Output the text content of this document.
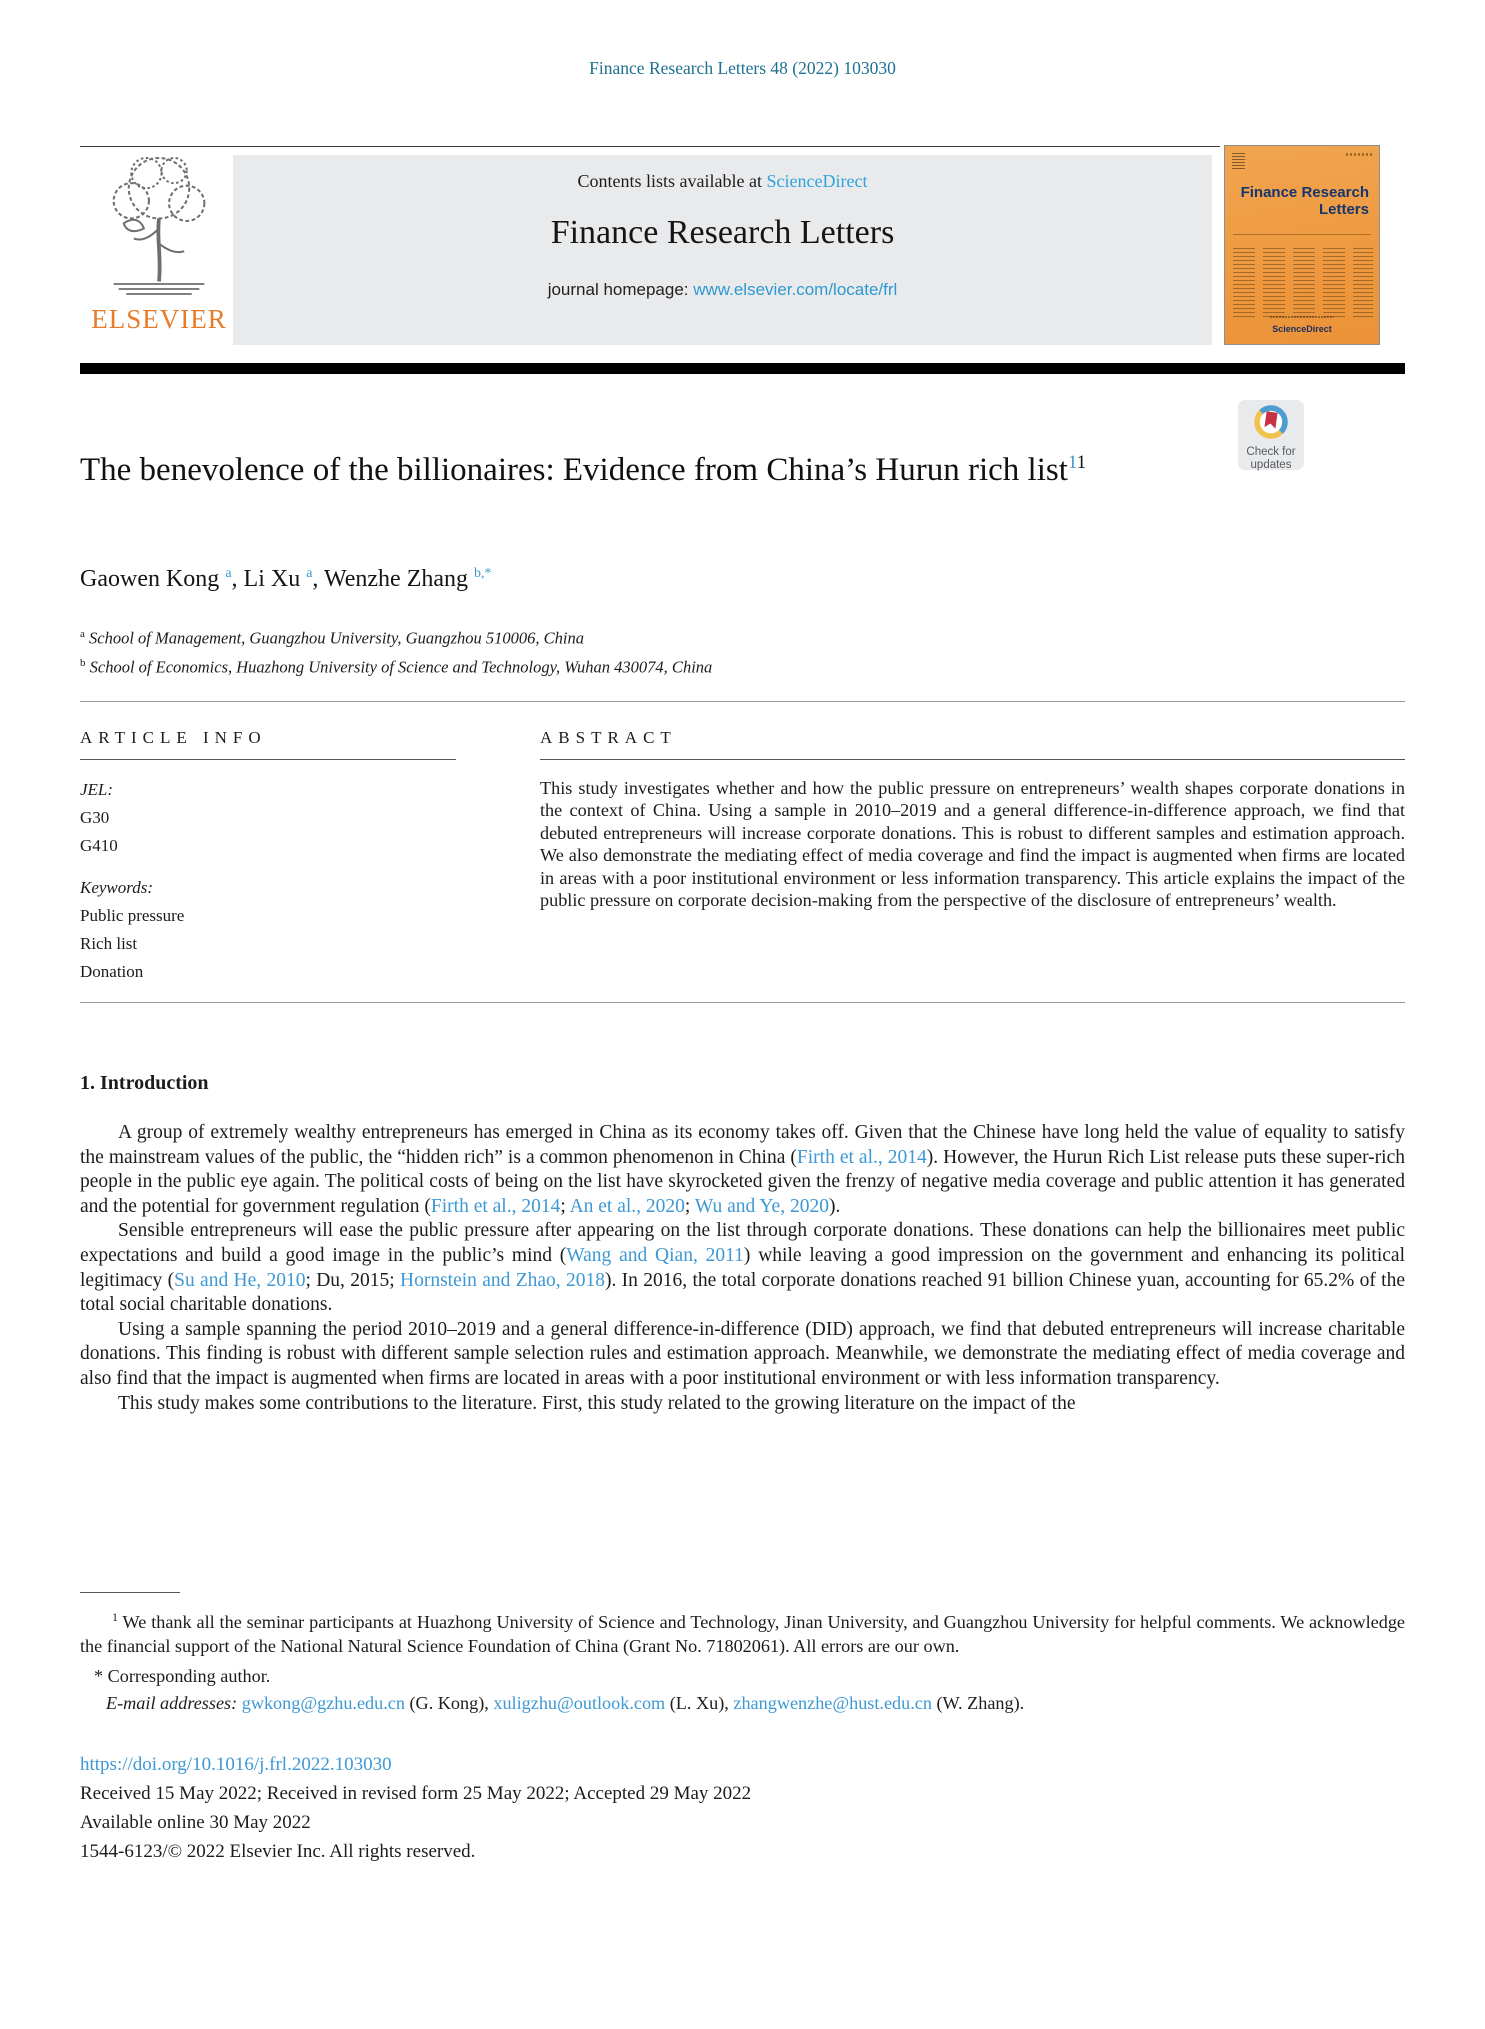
Finance Research Letters 48 (2022) 103030
ELSEVIER
Contents lists available at ScienceDirect
Finance Research Letters
journal homepage: www.elsevier.com/locate/frl
Finance Research
Letters
ScienceDirect
Check for
updates
The benevolence of the billionaires: Evidence from China’s Hurun rich list$^{11}$
Gaowen Kong $^a$, Li Xu $^a$, Wenzhe Zhang $^{b,*}$
$^a$ School of Management, Guangzhou University, Guangzhou 510006, China
$^b$ School of Economics, Huazhong University of Science and Technology, Wuhan 430074, China
ARTICLE INFO
JEL:
G30
G410
Keywords:
Public pressure
Rich list
Donation
ABSTRACT
This study investigates whether and how the public pressure on entrepreneurs’ wealth shapes corporate donations in the context of China. Using a sample in 2010–2019 and a general difference-in-difference approach, we find that debuted entrepreneurs will increase corporate donations. This is robust to different samples and estimation approach. We also demonstrate the mediating effect of media coverage and find the impact is augmented when firms are located in areas with a poor institutional environment or less information transparency. This article explains the impact of the public pressure on corporate decision-making from the perspective of the disclosure of entrepreneurs’ wealth.
1. Introduction

A group of extremely wealthy entrepreneurs has emerged in China as its economy takes off. Given that the Chinese have long held the value of equality to satisfy the mainstream values of the public, the “hidden rich” is a common phenomenon in China (Firth et al., 2014). However, the Hurun Rich List release puts these super-rich people in the public eye again. The political costs of being on the list have skyrocketed given the frenzy of negative media coverage and public attention it has generated and the potential for government regulation (Firth et al., 2014; An et al., 2020; Wu and Ye, 2020).

Sensible entrepreneurs will ease the public pressure after appearing on the list through corporate donations. These donations can help the billionaires meet public expectations and build a good image in the public’s mind (Wang and Qian, 2011) while leaving a good impression on the government and enhancing its political legitimacy (Su and He, 2010; Du, 2015; Hornstein and Zhao, 2018). In 2016, the total corporate donations reached 91 billion Chinese yuan, accounting for 65.2% of the total social charitable donations.

Using a sample spanning the period 2010–2019 and a general difference-in-difference (DID) approach, we find that debuted entrepreneurs will increase charitable donations. This finding is robust with different sample selection rules and estimation approach. Meanwhile, we demonstrate the mediating effect of media coverage and also find that the impact is augmented when firms are located in areas with a poor institutional environment or with less information transparency.

This study makes some contributions to the literature. First, this study related to the growing literature on the impact of the

$^1$ We thank all the seminar participants at Huazhong University of Science and Technology, Jinan University, and Guangzhou University for helpful comments. We acknowledge the financial support of the National Natural Science Foundation of China (Grant No. 71802061). All errors are our own.
* Corresponding author.
E-mail addresses: gwkong@gzhu.edu.cn (G. Kong), xuligzhu@outlook.com (L. Xu), zhangwenzhe@hust.edu.cn (W. Zhang).
https://doi.org/10.1016/j.frl.2022.103030
Received 15 May 2022; Received in revised form 25 May 2022; Accepted 29 May 2022
Available online 30 May 2022
1544-6123/© 2022 Elsevier Inc. All rights reserved.
